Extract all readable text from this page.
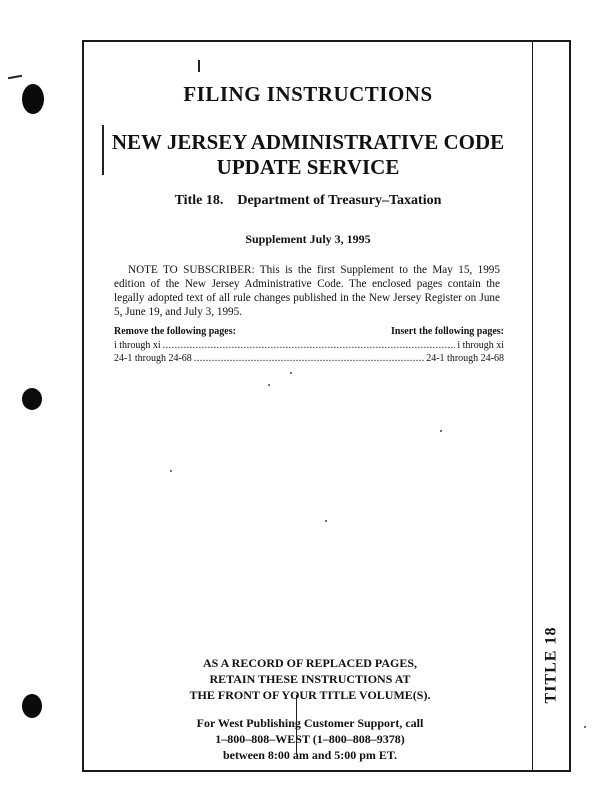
TITLE 18
FILING INSTRUCTIONS
NEW JERSEY ADMINISTRATIVE CODE
UPDATE SERVICE
Title 18. Department of Treasury–Taxation
Supplement July 3, 1995
NOTE TO SUBSCRIBER: This is the first Supplement to the May 15, 1995 edition of the New Jersey Administrative Code. The enclosed pages contain the legally adopted text of all rule changes published in the New Jersey Register on June 5, June 19, and July 3, 1995.
Remove the following pages:	Insert the following pages:
i through xi .....	i through xi
24-1 through 24-68 .....	24-1 through 24-68
AS A RECORD OF REPLACED PAGES,
RETAIN THESE INSTRUCTIONS AT
THE FRONT OF YOUR TITLE VOLUME(S).
For West Publishing Customer Support, call
1–800–808–WEST (1–800–808–9378)
between 8:00 am and 5:00 pm ET.
